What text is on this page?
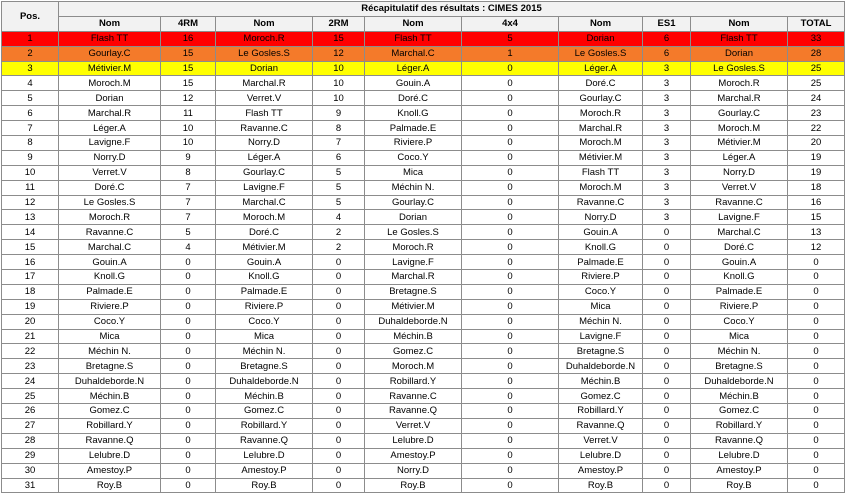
Pos.	Récapitulatif des résultats : CIMES 2015									
	Nom	4RM	Nom	2RM	Nom	4x4	Nom	ES1	Nom	TOTAL
1	Flash TT	16	Moroch.R	15	Flash TT	5	Dorian	6	Flash TT	33
2	Gourlay.C	15	Le Gosles.S	12	Marchal.C	1	Le Gosles.S	6	Dorian	28
3	Métivier.M	15	Dorian	10	Léger.A	0	Léger.A	3	Le Gosles.S	25
4	Moroch.M	15	Marchal.R	10	Gouin.A	0	Doré.C	3	Moroch.R	25
5	Dorian	12	Verret.V	10	Doré.C	0	Gourlay.C	3	Marchal.R	24
6	Marchal.R	11	Flash TT	9	Knoll.G	0	Moroch.R	3	Gourlay.C	23
7	Léger.A	10	Ravanne.C	8	Palmade.E	0	Marchal.R	3	Moroch.M	22
8	Lavigne.F	10	Norry.D	7	Riviere.P	0	Moroch.M	3	Métivier.M	20
9	Norry.D	9	Léger.A	6	Coco.Y	0	Métivier.M	3	Léger.A	19
10	Verret.V	8	Gourlay.C	5	Mica	0	Flash TT	3	Norry.D	19
11	Doré.C	7	Lavigne.F	5	Méchin N.	0	Moroch.M	3	Verret.V	18
12	Le Gosles.S	7	Marchal.C	5	Gourlay.C	0	Ravanne.C	3	Ravanne.C	16
13	Moroch.R	7	Moroch.M	4	Dorian	0	Norry.D	3	Lavigne.F	15
14	Ravanne.C	5	Doré.C	2	Le Gosles.S	0	Gouin.A	0	Marchal.C	13
15	Marchal.C	4	Métivier.M	2	Moroch.R	0	Knoll.G	0	Doré.C	12
16	Gouin.A	0	Gouin.A	0	Lavigne.F	0	Palmade.E	0	Gouin.A	0
17	Knoll.G	0	Knoll.G	0	Marchal.R	0	Riviere.P	0	Knoll.G	0
18	Palmade.E	0	Palmade.E	0	Bretagne.S	0	Coco.Y	0	Palmade.E	0
19	Riviere.P	0	Riviere.P	0	Métivier.M	0	Mica	0	Riviere.P	0
20	Coco.Y	0	Coco.Y	0	Duhaldeborde.N	0	Méchin N.	0	Coco.Y	0
21	Mica	0	Mica	0	Méchin.B	0	Lavigne.F	0	Mica	0
22	Méchin N.	0	Méchin N.	0	Gomez.C	0	Bretagne.S	0	Méchin N.	0
23	Bretagne.S	0	Bretagne.S	0	Moroch.M	0	Duhaldeborde.N	0	Bretagne.S	0
24	Duhaldeborde.N	0	Duhaldeborde.N	0	Robillard.Y	0	Méchin.B	0	Duhaldeborde.N	0
25	Méchin.B	0	Méchin.B	0	Ravanne.C	0	Gomez.C	0	Méchin.B	0
26	Gomez.C	0	Gomez.C	0	Ravanne.Q	0	Robillard.Y	0	Gomez.C	0
27	Robillard.Y	0	Robillard.Y	0	Verret.V	0	Ravanne.Q	0	Robillard.Y	0
28	Ravanne.Q	0	Ravanne.Q	0	Lelubre.D	0	Verret.V	0	Ravanne.Q	0
29	Lelubre.D	0	Lelubre.D	0	Amestoy.P	0	Lelubre.D	0	Lelubre.D	0
30	Amestoy.P	0	Amestoy.P	0	Norry.D	0	Amestoy.P	0	Amestoy.P	0
31	Roy.B	0	Roy.B	0	Roy.B	0	Roy.B	0	Roy.B	0
